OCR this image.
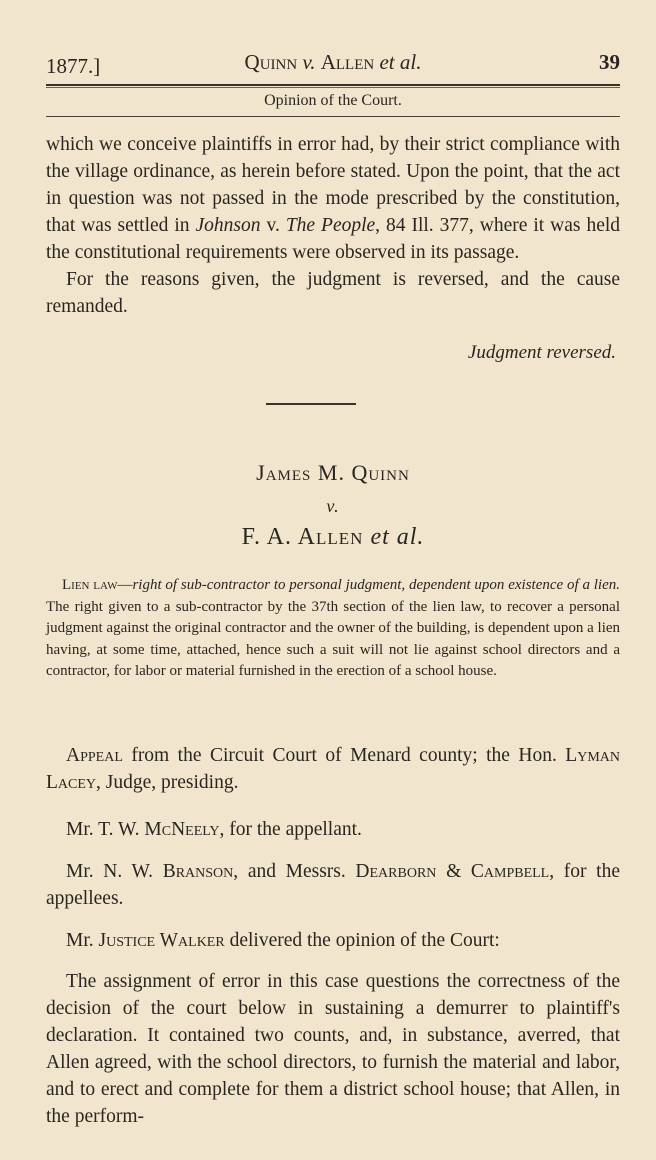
1877.]	Quinn v. Allen et al.	39
Opinion of the Court.
which we conceive plaintiffs in error had, by their strict compliance with the village ordinance, as herein before stated. Upon the point, that the act in question was not passed in the mode prescribed by the constitution, that was settled in Johnson v. The People, 84 Ill. 377, where it was held the constitutional requirements were observed in its passage.
For the reasons given, the judgment is reversed, and the cause remanded.
Judgment reversed.
James M. Quinn
v.
F. A. Allen et al.
Lien law—right of sub-contractor to personal judgment, dependent upon existence of a lien. The right given to a sub-contractor by the 37th section of the lien law, to recover a personal judgment against the original contractor and the owner of the building, is dependent upon a lien having, at some time, attached, hence such a suit will not lie against school directors and a contractor, for labor or material furnished in the erection of a school house.
Appeal from the Circuit Court of Menard county; the Hon. Lyman Lacey, Judge, presiding.
Mr. T. W. McNeely, for the appellant.
Mr. N. W. Branson, and Messrs. Dearborn & Campbell, for the appellees.
Mr. Justice Walker delivered the opinion of the Court:
The assignment of error in this case questions the correctness of the decision of the court below in sustaining a demurrer to plaintiff's declaration. It contained two counts, and, in substance, averred, that Allen agreed, with the school directors, to furnish the material and labor, and to erect and complete for them a district school house; that Allen, in the perform-
